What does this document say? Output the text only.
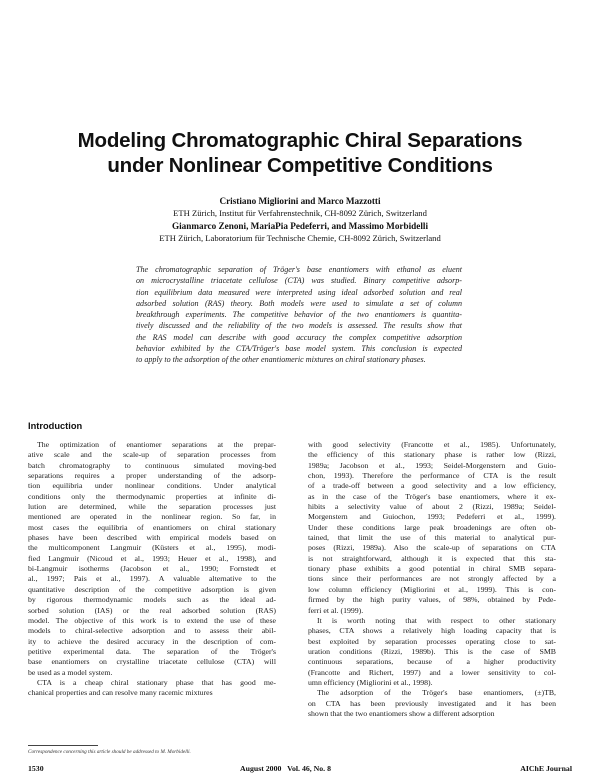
Modeling Chromatographic Chiral Separations
under Nonlinear Competitive Conditions
Cristiano Migliorini and Marco Mazzotti
ETH Zürich, Institut für Verfahrenstechnik, CH-8092 Zürich, Switzerland
Gianmarco Zenoni, MariaPia Pedeferri, and Massimo Morbidelli
ETH Zürich, Laboratorium für Technische Chemie, CH-8092 Zürich, Switzerland
The chromatographic separation of Tröger's base enantiomers with ethanol as eluent
on microcrystalline triacetate cellulose (CTA) was studied. Binary competitive adsorp-
tion equilibrium data measured were interpreted using ideal adsorbed solution and real
adsorbed solution (RAS) theory. Both models were used to simulate a set of column
breakthrough experiments. The competitive behavior of the two enantiomers is quantita-
tively discussed and the reliability of the two models is assessed. The results show that
the RAS model can describe with good accuracy the complex competitive adsorption
behavior exhibited by the CTA/Tröger's base model system. This conclusion is expected
to apply to the adsorption of the other enantiomeric mixtures on chiral stationary phases.
Introduction
The optimization of enantiomer separations at the prepar-
ative scale and the scale-up of separation processes from
batch chromatography to continuous simulated moving-bed
separations requires a proper understanding of the adsorp-
tion equilibria under nonlinear conditions. Under analytical
conditions only the thermodynamic properties at infinite di-
lution are determined, while the separation processes just
mentioned are operated in the nonlinear region. So far, in
most cases the equilibria of enantiomers on chiral stationary
phases have been described with empirical models based on
the multicomponent Langmuir (Küsters et al., 1995), modi-
fied Langmuir (Nicoud et al., 1993; Heuer et al., 1998), and
bi-Langmuir isotherms (Jacobson et al., 1990; Fornstedt et
al., 1997; Pais et al., 1997). A valuable alternative to the
quantitative description of the competitive adsorption is given
by rigorous thermodynamic models such as the ideal ad-
sorbed solution (IAS) or the real adsorbed solution (RAS)
model. The objective of this work is to extend the use of these
models to chiral-selective adsorption and to assess their abil-
ity to achieve the desired accuracy in the description of com-
petitive experimental data. The separation of the Tröger's
base enantiomers on crystalline triacetate cellulose (CTA) will
be used as a model system.
CTA is a cheap chiral stationary phase that has good me-
chanical properties and can resolve many racemic mixtures
with good selectivity (Francotte et al., 1985). Unfortunately,
the efficiency of this stationary phase is rather low (Rizzi,
1989a; Jacobson et al., 1993; Seidel-Morgenstern and Guio-
chon, 1993). Therefore the performance of CTA is the result
of a trade-off between a good selectivity and a low efficiency,
as in the case of the Tröger's base enantiomers, where it ex-
hibits a selectivity value of about 2 (Rizzi, 1989a; Seidel-
Morgenstern and Guiochon, 1993; Pedeferri et al., 1999).
Under these conditions large peak broadenings are often ob-
tained, that limit the use of this material to analytical pur-
poses (Rizzi, 1989a). Also the scale-up of separations on CTA
is not straightforward, although it is expected that this sta-
tionary phase exhibits a good potential in chiral SMB separa-
tions since their performances are not strongly affected by a
low column efficiency (Migliorini et al., 1999). This is con-
firmed by the high purity values, of 98%, obtained by Pede-
ferri et al. (1999).
It is worth noting that with respect to other stationary
phases, CTA shows a relatively high loading capacity that is
best exploited by separation processes operating close to sat-
uration conditions (Rizzi, 1989b). This is the case of SMB
continuous separations, because of a higher productivity
(Francotte and Richert, 1997) and a lower sensitivity to col-
umn efficiency (Migliorini et al., 1998).
The adsorption of the Tröger's base enantiomers, (±)TB,
on CTA has been previously investigated and it has been
shown that the two enantiomers show a different adsorption
Correspondence concerning this article should be addressed to M. Morbidelli.
1530	August 2000   Vol. 46, No. 8	AIChE Journal
